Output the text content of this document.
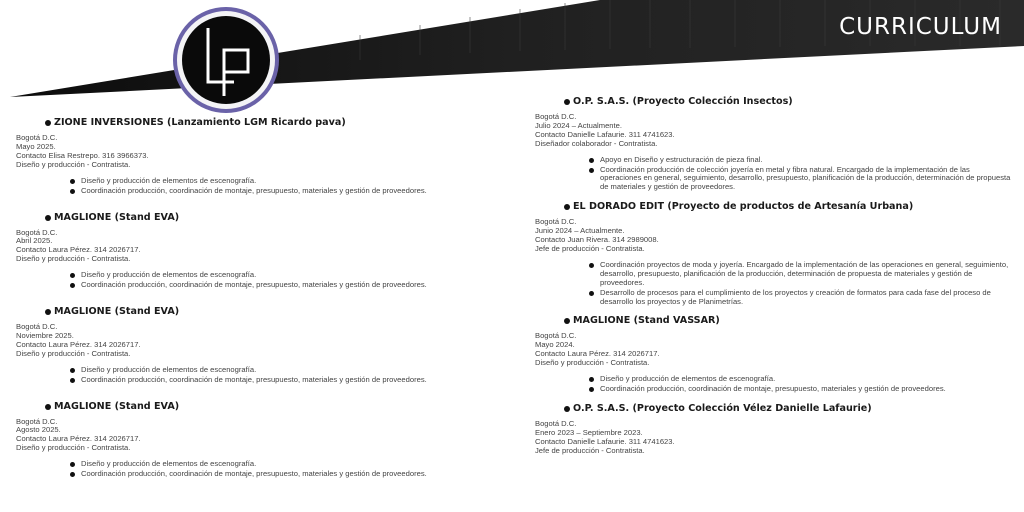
CURRICULUM
ZIONE INVERSIONES (Lanzamiento LGM Ricardo pava)
Bogotá D.C.
Mayo 2025.
Contacto Elisa Restrepo. 316 3966373.
Diseño y producción - Contratista.
Diseño y producción de elementos de escenografía.
Coordinación producción, coordinación de montaje, presupuesto, materiales y gestión de proveedores.
MAGLIONE (Stand EVA)
Bogotá D.C.
Abril 2025.
Contacto Laura Pérez. 314 2026717.
Diseño y producción - Contratista.
Diseño y producción de elementos de escenografía.
Coordinación producción, coordinación de montaje, presupuesto, materiales y gestión de proveedores.
MAGLIONE (Stand EVA)
Bogotá D.C.
Noviembre 2025.
Contacto Laura Pérez. 314 2026717.
Diseño y producción - Contratista.
Diseño y producción de elementos de escenografía.
Coordinación producción, coordinación de montaje, presupuesto, materiales y gestión de proveedores.
MAGLIONE (Stand EVA)
Bogotá D.C.
Agosto 2025.
Contacto Laura Pérez. 314 2026717.
Diseño y producción - Contratista.
Diseño y producción de elementos de escenografía.
Coordinación producción, coordinación de montaje, presupuesto, materiales y gestión de proveedores.
O.P. S.A.S. (Proyecto Colección Insectos)
Bogotá D.C.
Julio 2024 – Actualmente.
Contacto Danielle Lafaurie. 311 4741623.
Diseñador colaborador - Contratista.
Apoyo en Diseño y estructuración de pieza final.
Coordinación producción de colección joyería en metal y fibra natural. Encargado de la implementación de las operaciones en general, seguimiento, desarrollo, presupuesto, planificación de la producción, determinación de propuesta de materiales y gestión de proveedores.
EL DORADO EDIT (Proyecto de productos de Artesanía Urbana)
Bogotá D.C.
Junio 2024 – Actualmente.
Contacto Juan Rivera. 314 2989008.
Jefe de producción - Contratista.
Coordinación proyectos de moda y joyería. Encargado de la implementación de las operaciones en general, seguimiento, desarrollo, presupuesto, planificación de la producción, determinación de propuesta de materiales y gestión de proveedores.
Desarrollo de procesos para el cumplimiento de los proyectos y creación de formatos para cada fase del proceso de desarrollo los proyectos y de Planimetrías.
MAGLIONE (Stand VASSAR)
Bogotá D.C.
Mayo 2024.
Contacto Laura Pérez. 314 2026717.
Diseño y producción - Contratista.
Diseño y producción de elementos de escenografía.
Coordinación producción, coordinación de montaje, presupuesto, materiales y gestión de proveedores.
O.P. S.A.S. (Proyecto Colección Vélez Danielle Lafaurie)
Bogotá D.C.
Enero 2023 – Septiembre 2023.
Contacto Danielle Lafaurie. 311 4741623.
Jefe de producción - Contratista.
